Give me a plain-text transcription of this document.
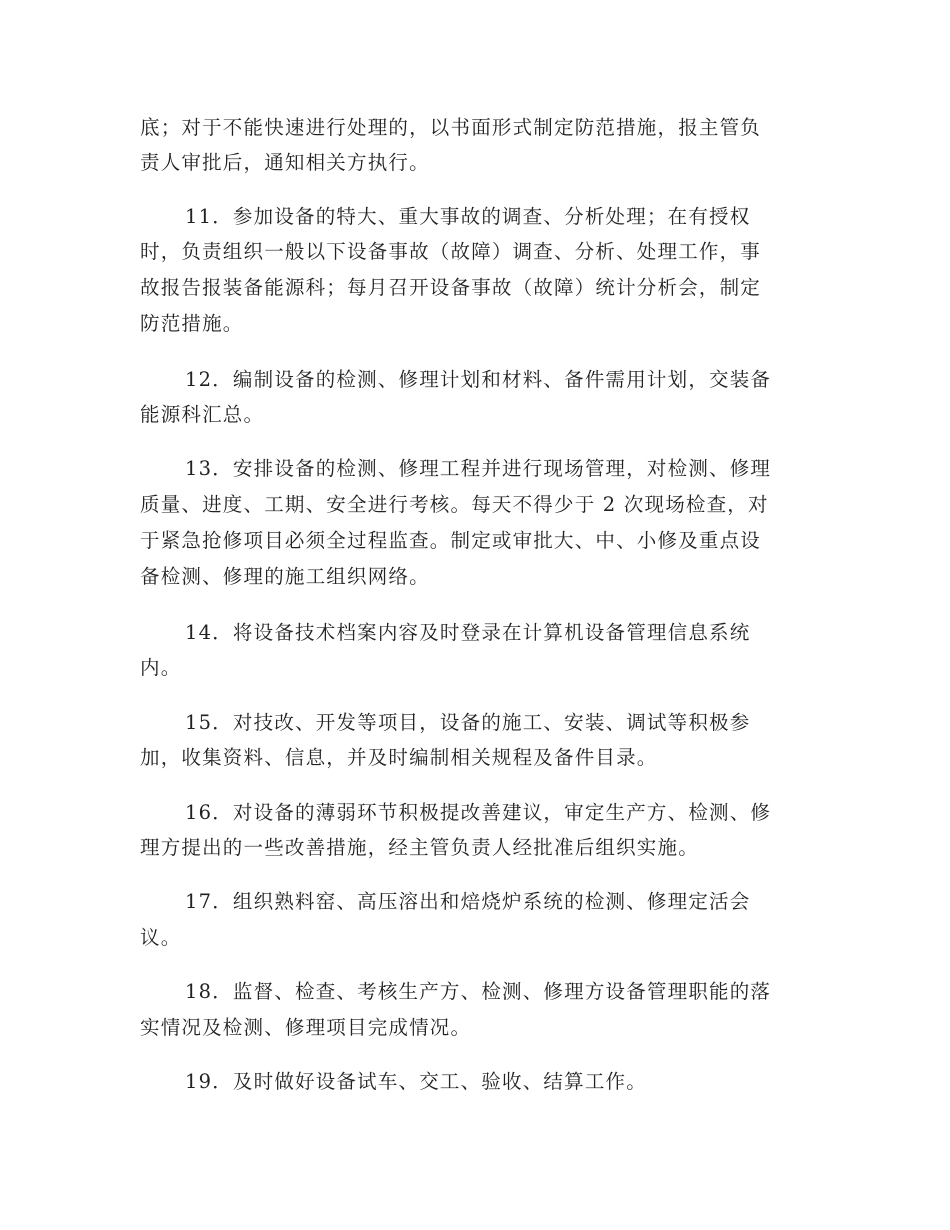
底；对于不能快速进行处理的，以书面形式制定防范措施，报主管负
责人审批后，通知相关方执行。
11．参加设备的特大、重大事故的调查、分析处理；在有授权
时，负责组织一般以下设备事故（故障）调查、分析、处理工作，事
故报告报装备能源科；每月召开设备事故（故障）统计分析会，制定
防范措施。
12．编制设备的检测、修理计划和材料、备件需用计划，交装备
能源科汇总。
13．安排设备的检测、修理工程并进行现场管理，对检测、修理
质量、进度、工期、安全进行考核。每天不得少于 2 次现场检查，对
于紧急抢修项目必须全过程监查。制定或审批大、中、小修及重点设
备检测、修理的施工组织网络。
14．将设备技术档案内容及时登录在计算机设备管理信息系统
内。
15．对技改、开发等项目，设备的施工、安装、调试等积极参
加，收集资料、信息，并及时编制相关规程及备件目录。
16．对设备的薄弱环节积极提改善建议，审定生产方、检测、修
理方提出的一些改善措施，经主管负责人经批准后组织实施。
17．组织熟料窑、高压溶出和焙烧炉系统的检测、修理定活会
议。
18．监督、检查、考核生产方、检测、修理方设备管理职能的落
实情况及检测、修理项目完成情况。
19．及时做好设备试车、交工、验收、结算工作。
